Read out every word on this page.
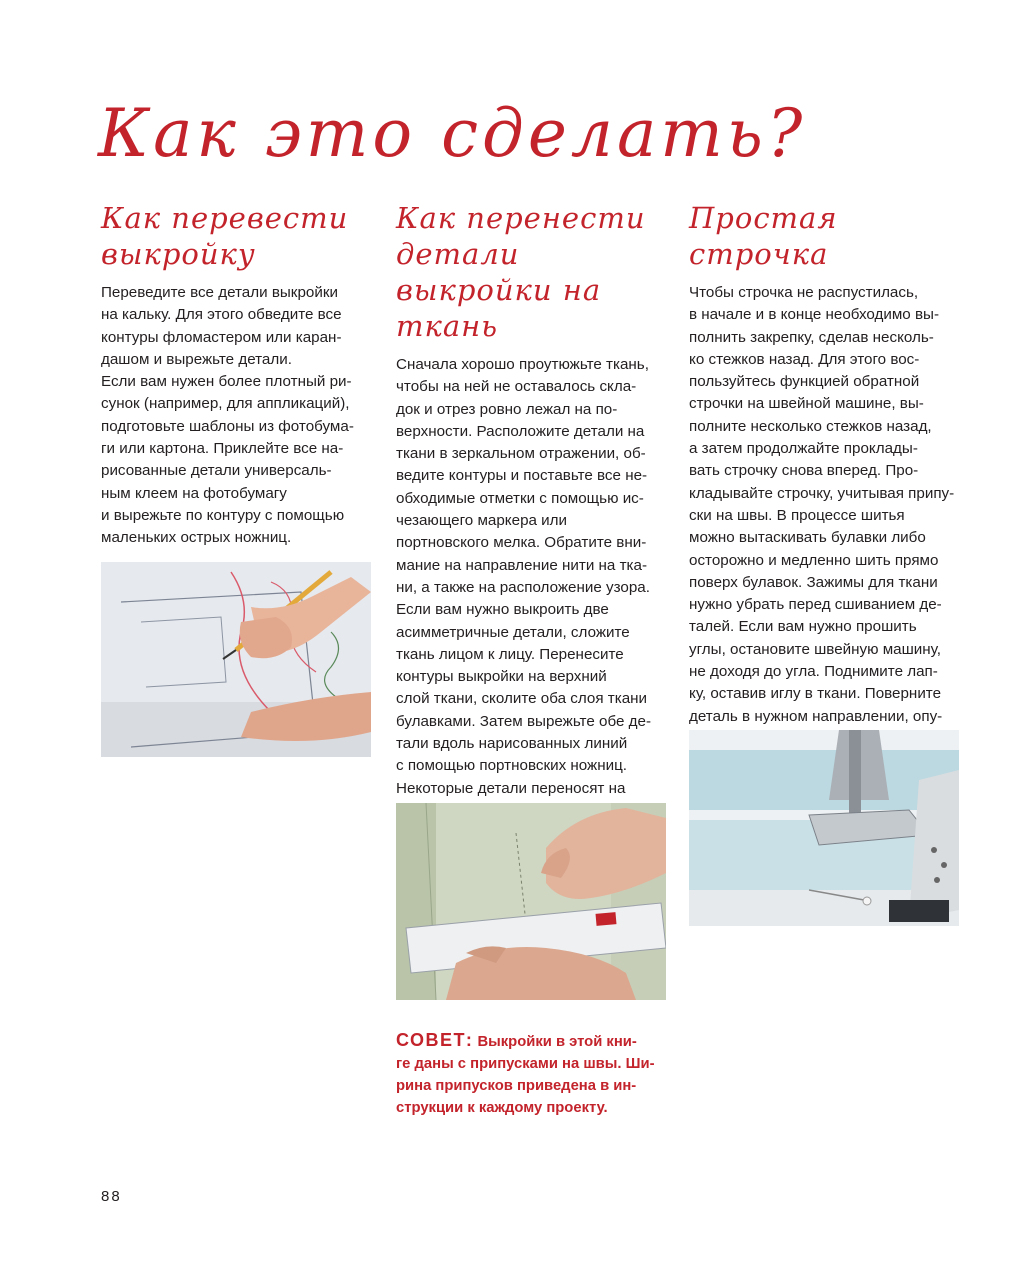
Как это сделать?
Как перевести
выкройку

Переведите все детали выкройки

на кальку. Для этого обведите все

контуры фломастером или каран-

дашом и вырежьте детали.

Если вам нужен более плотный ри-

сунок (например, для аппликаций),

подготовьте шаблоны из фотобума-

ги или картона. Приклейте все на-

рисованные детали универсаль-

ным клеем на фотобумагу

и вырежьте по контуру с помощью

маленьких острых ножниц.

Как перенести детали
выкройки на ткань

Сначала хорошо проутюжьте ткань,

чтобы на ней не оставалось скла-

док и отрез ровно лежал на по-

верхности. Расположите детали на

ткани в зеркальном отражении, об-

ведите контуры и поставьте все не-

обходимые отметки с помощью ис-

чезающего маркера или

портновского мелка. Обратите вни-

мание на направление нити на тка-

ни, а также на расположение узора.

Если вам нужно выкроить две

асимметричные детали, сложите

ткань лицом к лицу. Перенесите

контуры выкройки на верхний

слой ткани, сколите оба слоя ткани

булавками. Затем вырежьте обе де-

тали вдоль нарисованных линий

с помощью портновских ножниц.

Некоторые детали переносят на

СОВЕТ: Выкройки в этой кни-

ге даны с припусками на швы. Ши-

рина припусков приведена в ин-

струкции к каждому проекту.

Простая строчка

Чтобы строчка не распустилась,

в начале и в конце необходимо вы-

полнить закрепку, сделав несколь-

ко стежков назад. Для этого вос-

пользуйтесь функцией обратной

строчки на швейной машине, вы-

полните несколько стежков назад,

а затем продолжайте проклады-

вать строчку снова вперед. Про-

кладывайте строчку, учитывая припу-

ски на швы. В процессе шитья

можно вытаскивать булавки либо

осторожно и медленно шить прямо

поверх булавок. Зажимы для ткани

нужно убрать перед сшиванием де-

талей. Если вам нужно прошить

углы, остановите швейную машину,

не доходя до угла. Поднимите лап-

ку, оставив иглу в ткани. Поверните

деталь в нужном направлении, опу-

88
